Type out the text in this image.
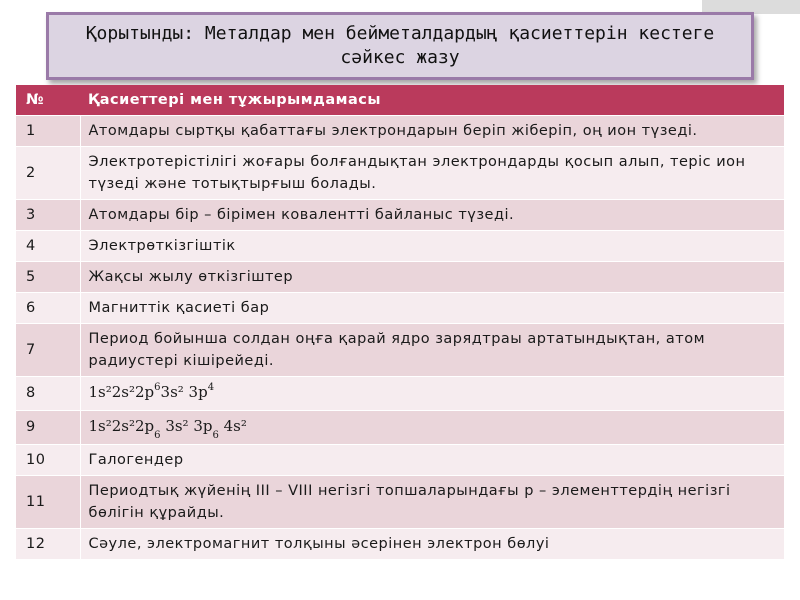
Қорытынды: Металдар мен бейметалдардың қасиеттерін кестеге сәйкес жазу
№	Қасиеттері мен тұжырымдамасы
1	Атомдары сыртқы қабаттағы электрондарын беріп жіберіп, оң ион түзеді.
2	Электротерістілігі жоғары болғандықтан электрондарды қосып алып, теріс ион түзеді және тотықтырғыш болады.
3	Атомдары бір – бірімен ковалентті байланыс түзеді.
4	Электрөткізгіштік
5	Жақсы жылу өткізгіштер
6	Магниттік қасиеті бар
7	Период бойынша солдан оңға қарай ядро зарядтраы артатындықтан, атом радиустері кішірейеді.
8	$1s^22s^22p^63s^2$ $3p^4$
9	$1s^22s^22p_6$ 3s² $3p_6$ 4s²
10	Галогендер
11	Периодтық жүйенің III – VIII негізгі топшаларындағы p – элементтердің негізгі бөлігін құрайды.
12	Сәуле, электромагнит толқыны әсерінен электрон бөлуі
